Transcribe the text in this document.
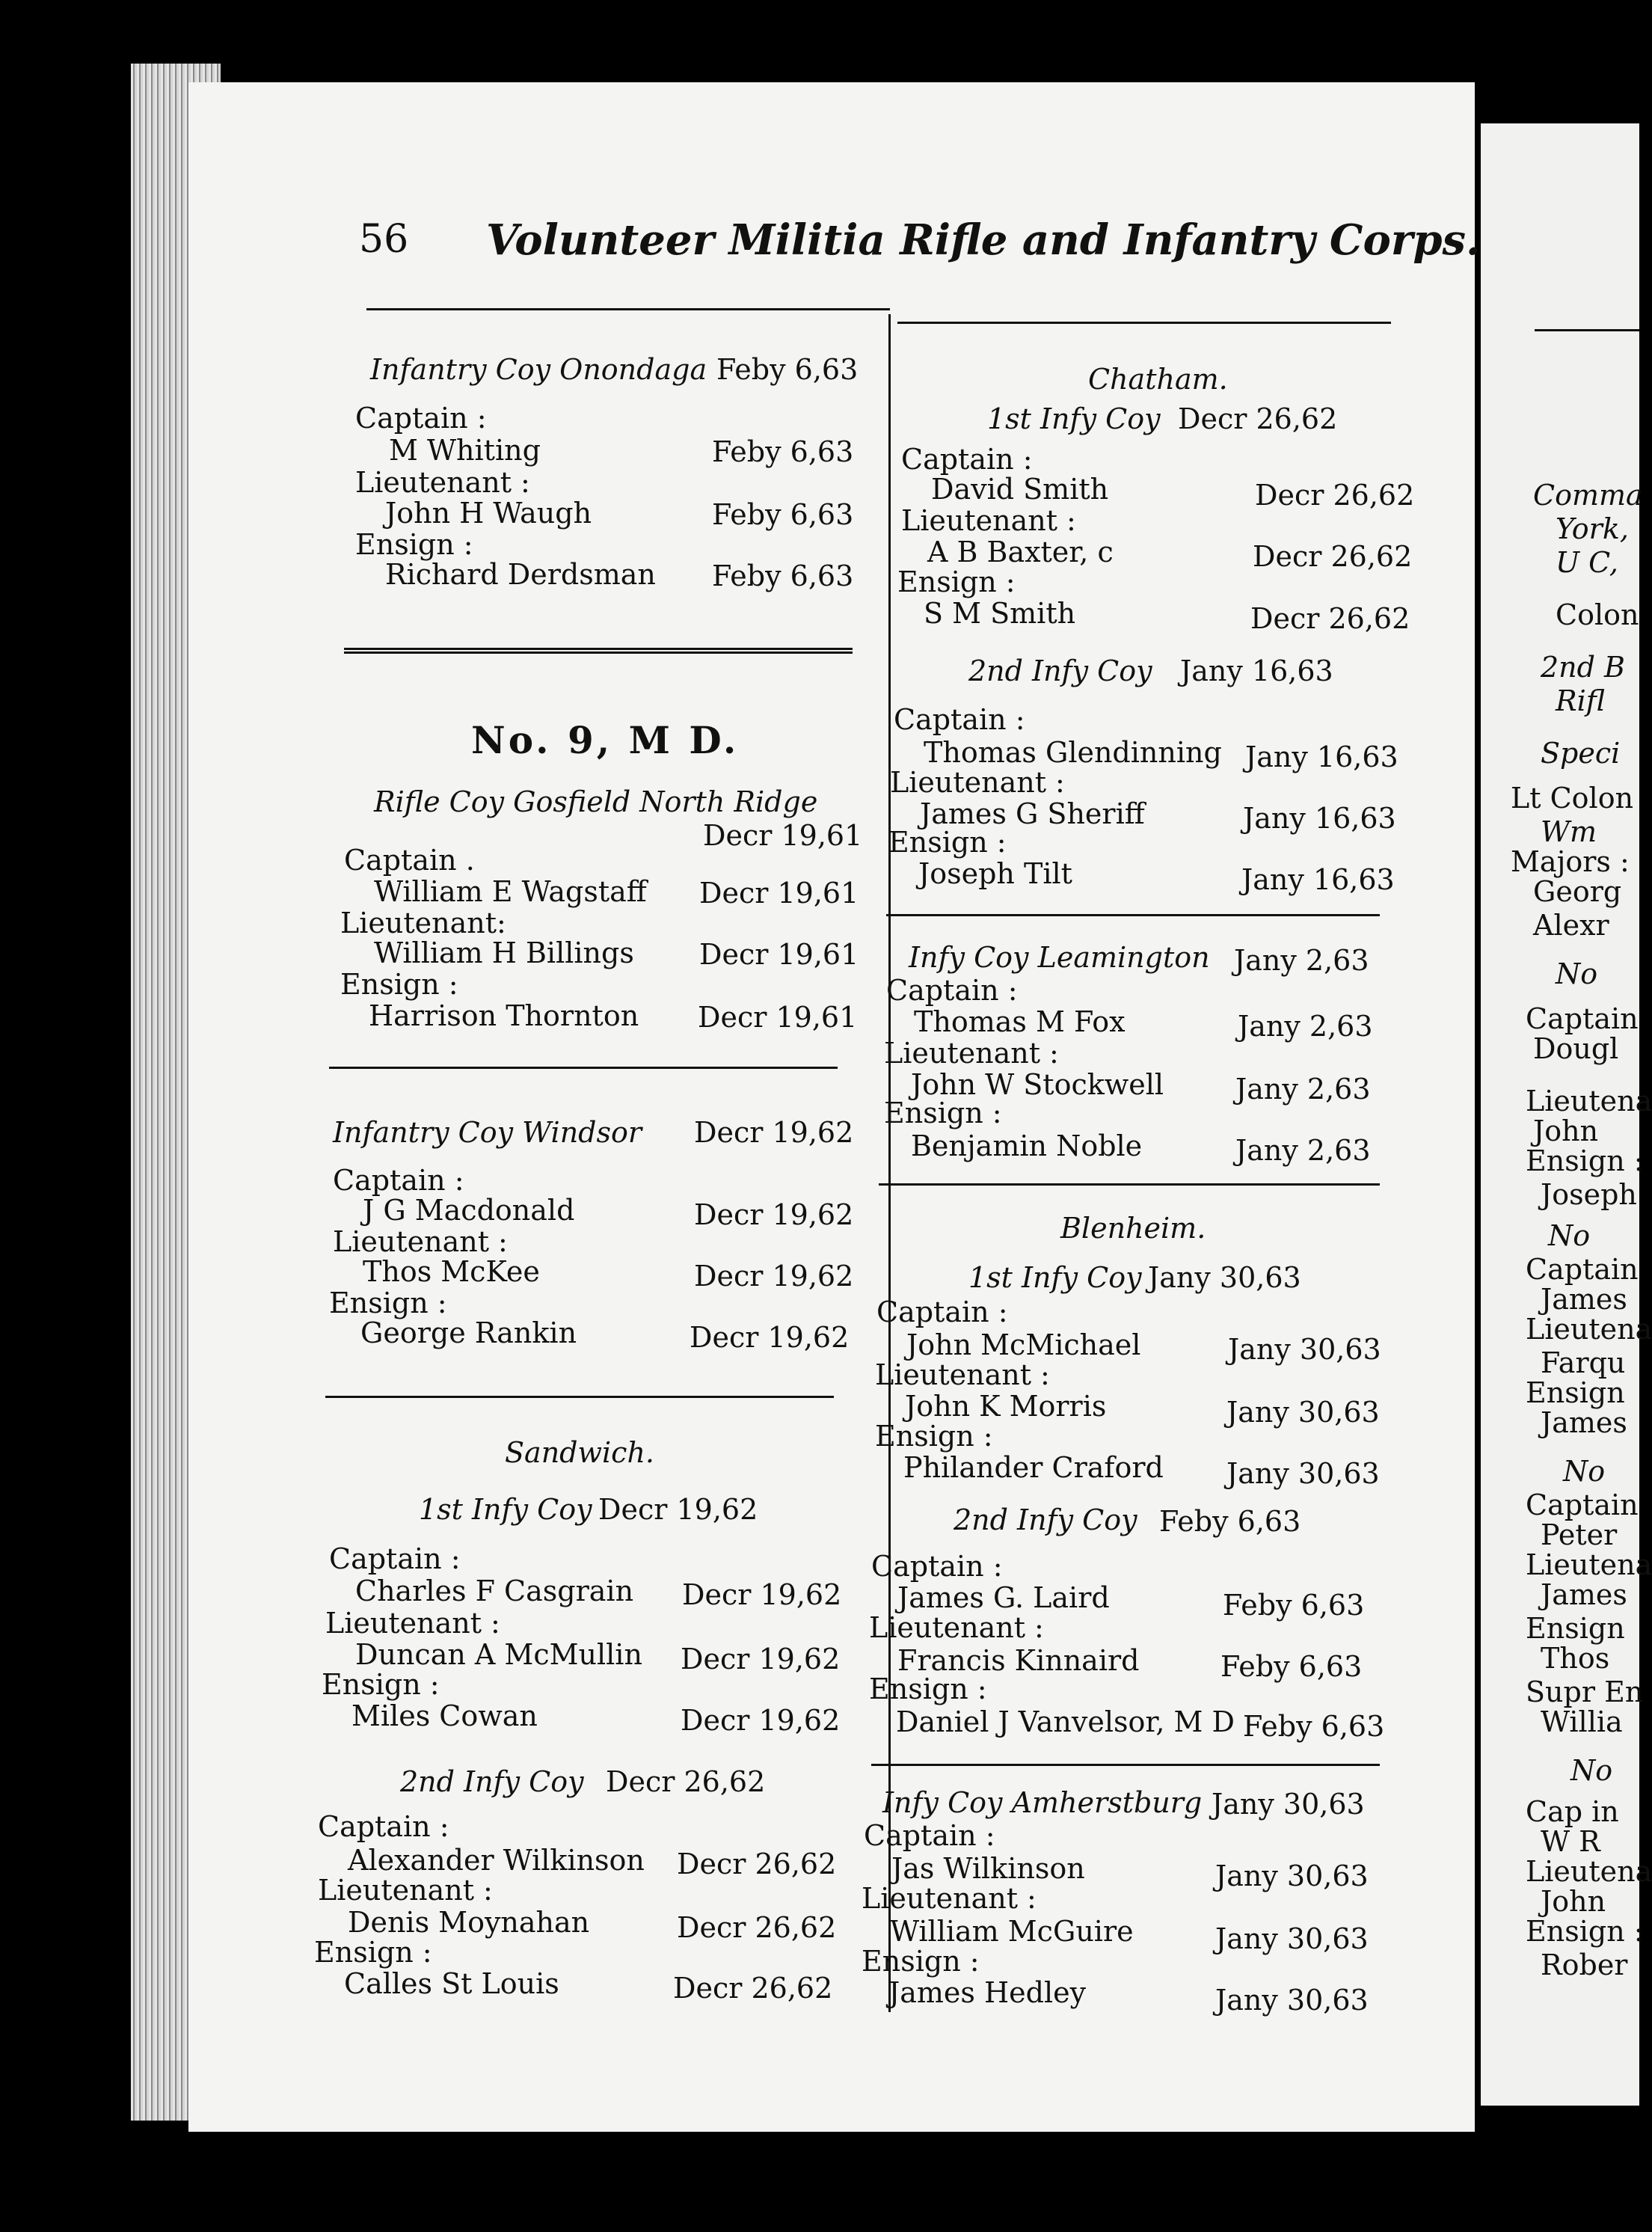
56 Volunteer Militia Rifle and Infantry Corps.
Infantry Coy Onondaga Feby 6,63
Captain :
M Whiting	Feby 6,63
Lieutenant :
John H Waugh	Feby 6,63
Ensign :
Richard Derdsman Feby 6,63
No. 9, M D.
Rifle Coy Gosfield North Ridge
Decr 19,61
Captain .
William E Wagstaff Decr 19,61
Lieutenant:
William H Billings Decr 19,61
Ensign :
Harrison Thornton Decr 19,61
Infantry Coy Windsor Decr 19,62
Captain :
J G Macdonald	Decr 19,62
Lieutenant :
Thos McKee	Decr 19,62
Ensign :
George Rankin	Decr 19,62
Sandwich.
1st Infy Coy Decr 19,62
Captain :
Charles F Casgrain Decr 19,62
Lieutenant :
Duncan A McMullin Decr 19,62
Ensign :
Miles Cowan	Decr 19,62
2nd Infy Coy Decr 26,62
Captain :
Alexander Wilkinson Decr 26,62
Lieutenant :
Denis Moynahan	Decr 26,62
Ensign :
Calles St Louis	Decr 26,62
Chatham.
1st Infy Coy Decr 26,62
Captain :
David Smith	Decr 26,62
Lieutenant :
A B Baxter, c	Decr 26,62
Ensign :
S M Smith	Decr 26,62
2nd Infy Coy Jany 16,63
Captain :
Thomas Glendinning Jany 16,63
Lieutenant :
James G Sheriff	Jany 16,63
Ensign :
Joseph Tilt	Jany 16,63
Infy Coy Leamington Jany 2,63
Captain :
Thomas M Fox	Jany 2,63
Lieutenant :
John W Stockwell	Jany 2,63
Ensign :
Benjamin Noble	Jany 2,63
Blenheim.
1st Infy Coy Jany 30,63
Captain :
John McMichael	Jany 30,63
Lieutenant :
John K Morris	Jany 30,63
Ensign :
Philander Craford Jany 30,63
2nd Infy Coy Feby 6,63
Captain :
James G. Laird	Feby 6,63
Lieutenant :
Francis Kinnaird	Feby 6,63
Ensign :
Daniel J Vanvelsor, M D Feby 6,63
Infy Coy Amherstburg Jany 30,63
Captain :
Jas Wilkinson	Jany 30,63
Lieutenant :
William McGuire	Jany 30,63
Ensign :
James Hedley	Jany 30,63
Comma
York,
U C,
Colon
2nd B
Rifl
Speci
Lt Colon
Wm
Majors :
Georg
Alexr
No
Captain
Dougl
Lieutena
John
Ensign :
Joseph
No
Captain
James
Lieutena
Farqu
Ensign
James
No
Captain
Peter
Lieutena
James
Ensign
Thos
Supr En
Willia
No
Cap in
W R
Lieutena
John
Ensign :
Rober
